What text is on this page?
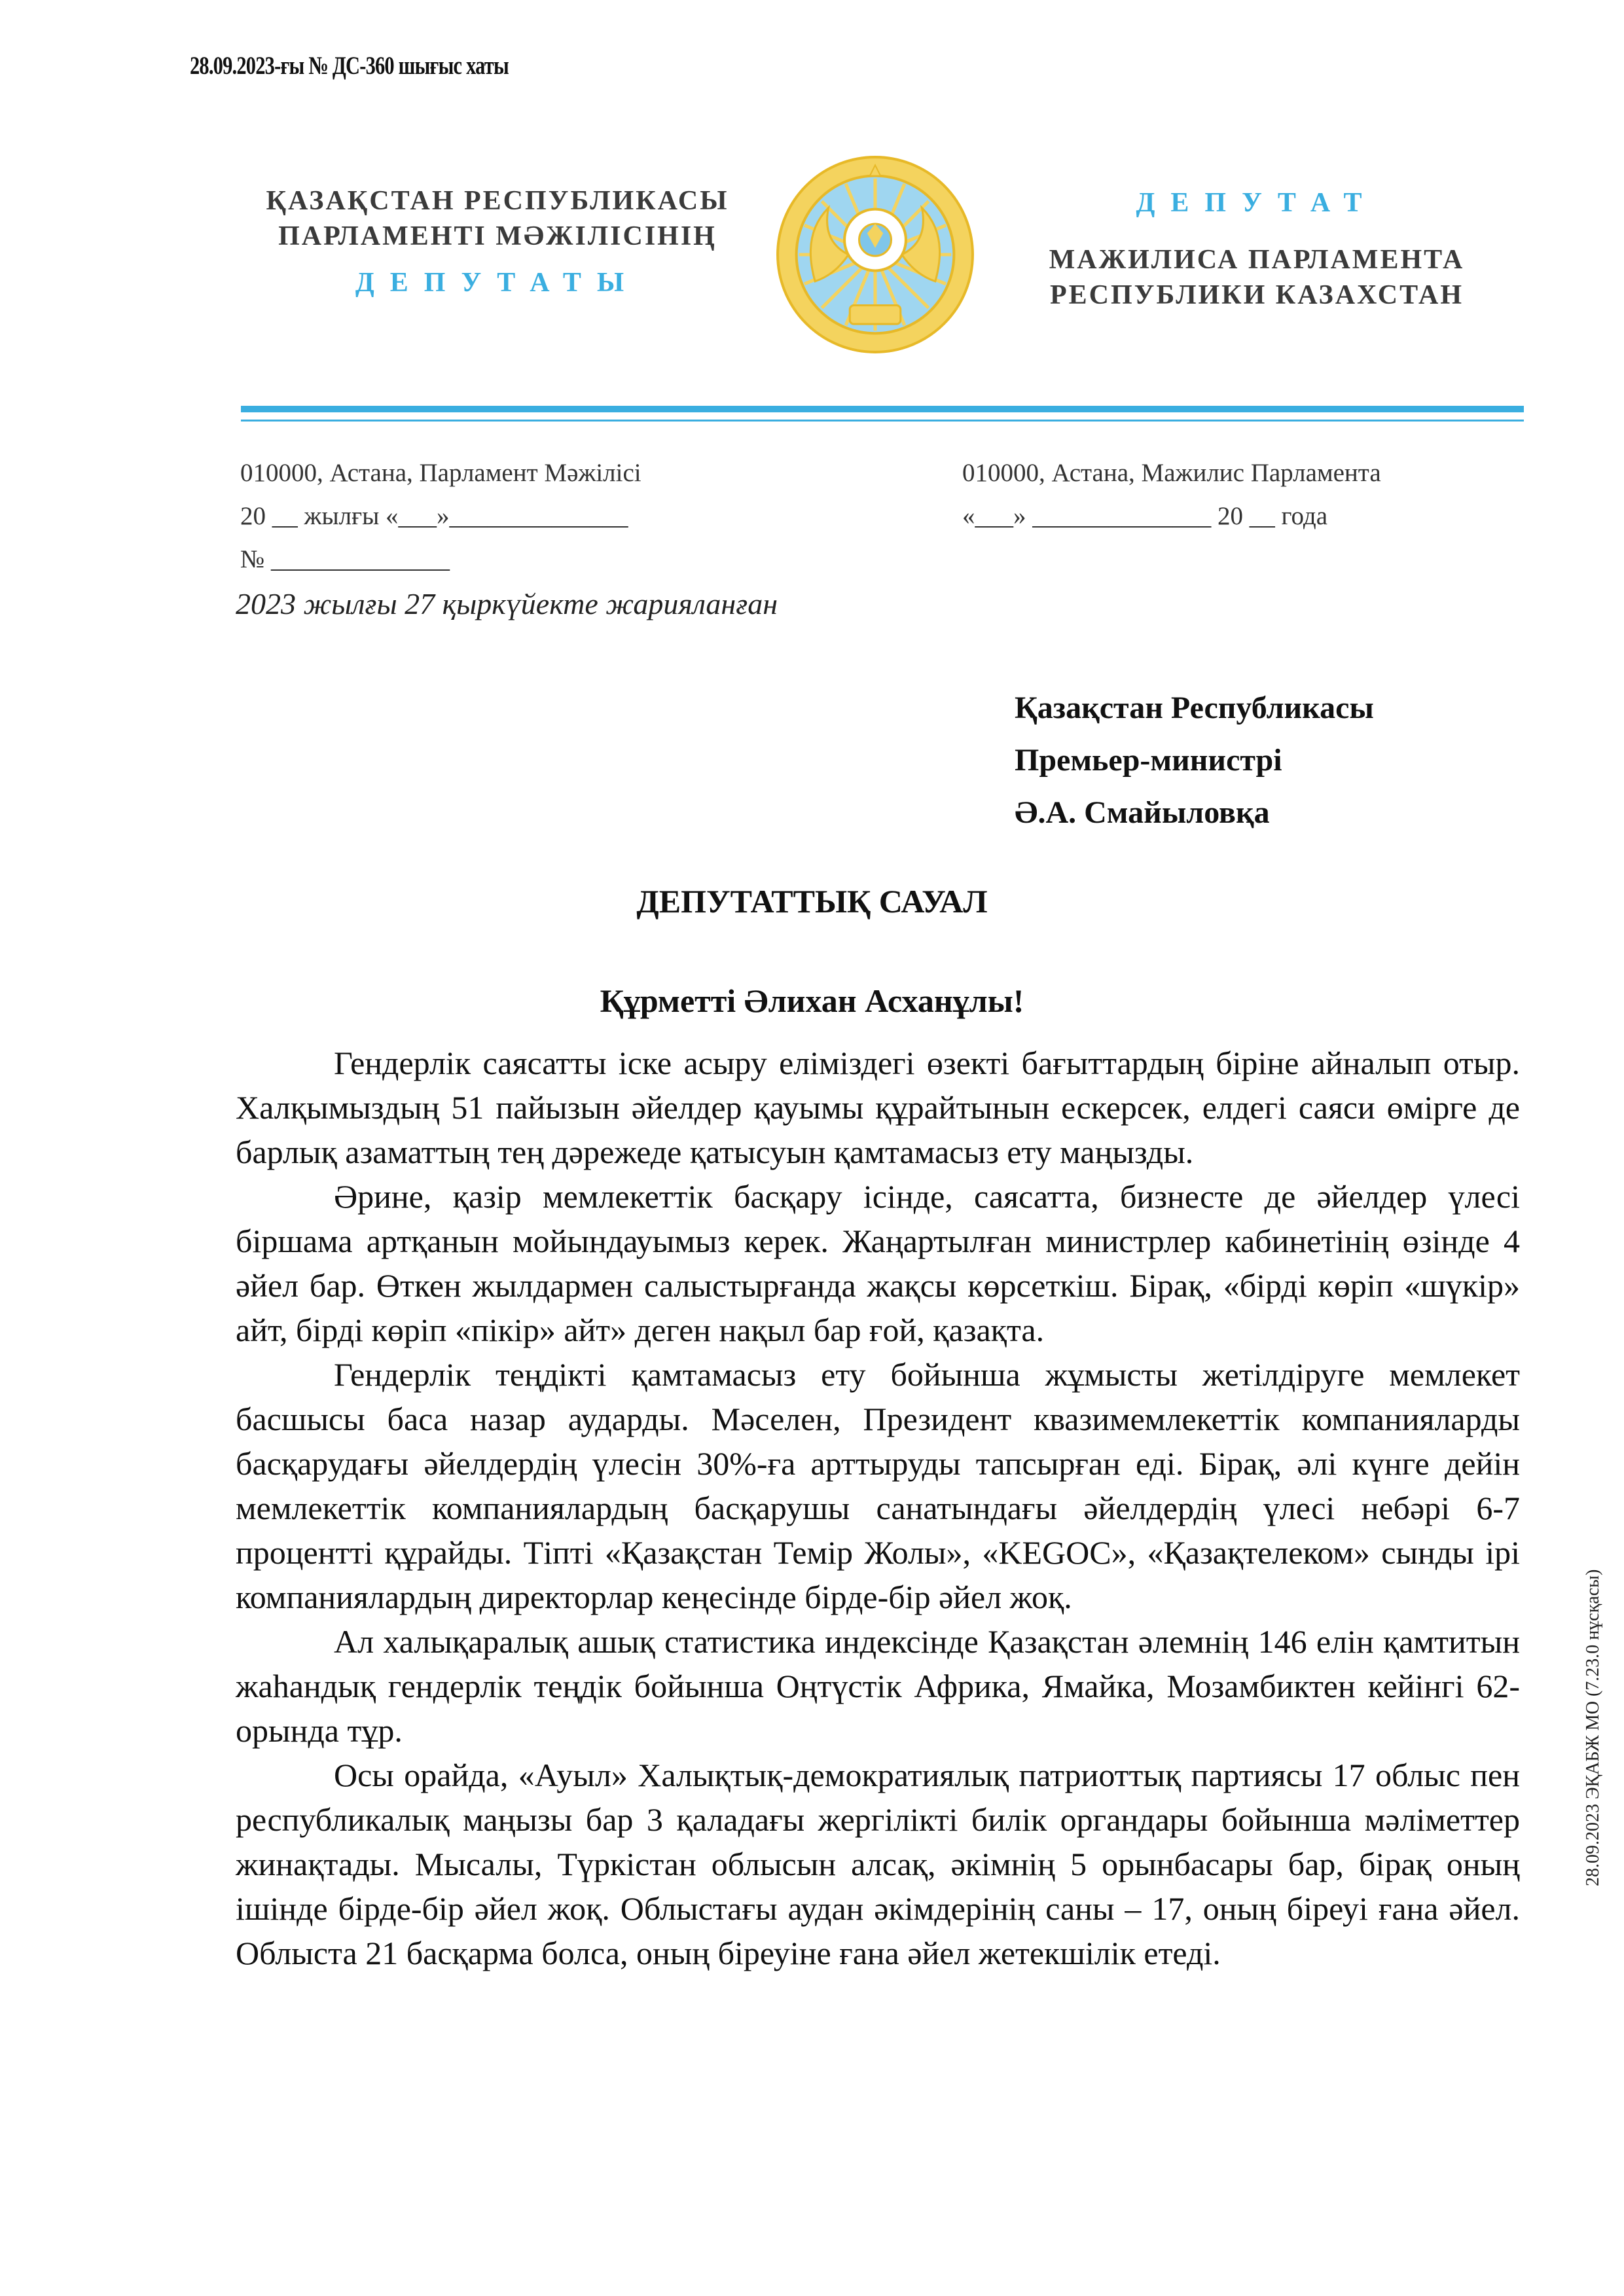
28.09.2023-ғы № ДС-360 шығыс хаты
ҚАЗАҚСТАН РЕСПУБЛИКАСЫ
ПАРЛАМЕНТІ МӘЖІЛІСІНІҢ
ДЕПУТАТЫ
ДЕПУТАТ
МАЖИЛИСА ПАРЛАМЕНТА
РЕСПУБЛИКИ КАЗАХСТАН
010000, Астана, Парламент Мәжілісі
20 __ жылғы «___»______________
№ ______________
010000, Астана, Мажилис Парламента
«___» ______________ 20 __ года
2023 жылғы 27 қыркүйекте жарияланған
Қазақстан Республикасы
Премьер-министрі
Ә.А. Смайыловқа
ДЕПУТАТТЫҚ САУАЛ
Құрметті Әлихан Асханұлы!

Гендерлік саясатты іске асыру еліміздегі өзекті бағыттардың біріне айналып отыр. Халқымыздың 51 пайызын әйелдер қауымы құрайтынын ескерсек, елдегі саяси өмірге де барлық азаматтың тең дәрежеде қатысуын қамтамасыз ету маңызды.

Әрине, қазір мемлекеттік басқару ісінде, саясатта, бизнесте де әйелдер үлесі біршама артқанын мойындауымыз керек. Жаңартылған министрлер кабинетінің өзінде 4 әйел бар. Өткен жылдармен салыстырғанда жақсы көрсеткіш. Бірақ, «бірді көріп «шүкір» айт, бірді көріп «пікір» айт» деген нақыл бар ғой, қазақта.

Гендерлік теңдікті қамтамасыз ету бойынша жұмысты жетілдіруге мемлекет басшысы баса назар аударды. Мәселен, Президент квазимемлекеттік компанияларды басқарудағы әйелдердің үлесін 30%-ға арттыруды тапсырған еді. Бірақ, әлі күнге дейін мемлекеттік компаниялардың басқарушы санатындағы әйелдердің үлесі небәрі 6-7 процентті құрайды. Тіпті «Қазақстан Темір Жолы», «KEGOC», «Қазақтелеком» сынды ірі компаниялардың директорлар кеңесінде бірде-бір әйел жоқ.

Ал халықаралық ашық статистика индексінде Қазақстан әлемнің 146 елін қамтитын жаһандық гендерлік теңдік бойынша Оңтүстік Африка, Ямайка, Мозамбиктен кейінгі 62-орында тұр.

Осы орайда, «Ауыл» Халықтық-демократиялық патриоттық партиясы 17 облыс пен республикалық маңызы бар 3 қаладағы жергілікті билік органдары бойынша мәліметтер жинақтады. Мысалы, Түркістан облысын алсақ, әкімнің 5 орынбасары бар, бірақ оның ішінде бірде-бір әйел жоқ. Облыстағы аудан әкімдерінің саны – 17, оның біреуі ғана әйел. Облыста 21 басқарма болса, оның біреуіне ғана әйел жетекшілік етеді.

28.09.2023 ЭҚАБЖ МО (7.23.0 нұсқасы)
